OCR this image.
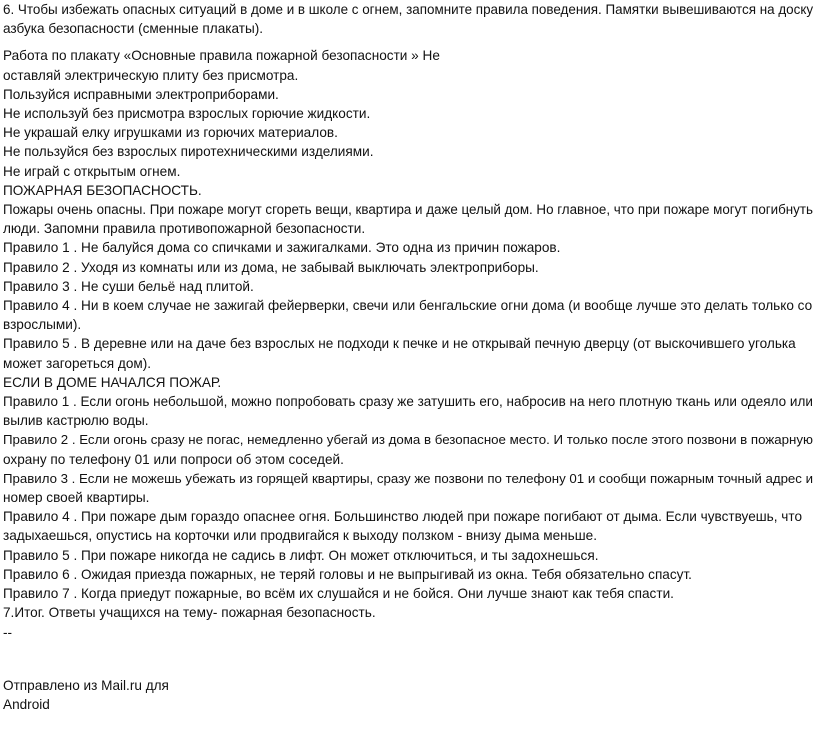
6. Чтобы избежать опасных ситуаций в доме и в школе с огнем, запомните правила поведения. Памятки вывешиваются на доску

азбука безопасности (сменные плакаты).

Работа по плакату «Основные правила пожарной безопасности » Не

оставляй электрическую плиту без присмотра.

Пользуйся исправными электроприборами.

Не используй без присмотра взрослых горючие жидкости.

Не украшай елку игрушками из горючих материалов.

Не пользуйся без взрослых пиротехническими изделиями.

Не играй с открытым огнем.

ПОЖАРНАЯ БЕЗОПАСНОСТЬ.

Пожары очень опасны. При пожаре могут сгореть вещи, квартира и даже целый дом. Но главное, что при пожаре могут погибнуть

люди. Запомни правила противопожарной безопасности.

Правило 1 . Не балуйся дома со спичками и зажигалками. Это одна из причин пожаров.

Правило 2 . Уходя из комнаты или из дома, не забывай выключать электроприборы.

Правило 3 . Не суши бельё над плитой.

Правило 4 . Ни в коем случае не зажигай фейерверки, свечи или бенгальские огни дома (и вообще лучше это делать только со

взрослыми).

Правило 5 . В деревне или на даче без взрослых не подходи к печке и не открывай печную дверцу (от выскочившего уголька

может загореться дом).

ЕСЛИ В ДОМЕ НАЧАЛСЯ ПОЖАР.

Правило 1 . Если огонь небольшой, можно попробовать сразу же затушить его, набросив на него плотную ткань или одеяло или

вылив кастрюлю воды.

Правило 2 . Если огонь сразу не погас, немедленно убегай из дома в безопасное место. И только после этого позвони в пожарную

охрану по телефону 01 или попроси об этом соседей.

Правило 3 . Если не можешь убежать из горящей квартиры, сразу же позвони по телефону 01 и сообщи пожарным точный адрес и

номер своей квартиры.

Правило 4 . При пожаре дым гораздо опаснее огня. Большинство людей при пожаре погибают от дыма. Если чувствуешь, что

задыхаешься, опустись на корточки или продвигайся к выходу ползком - внизу дыма меньше.

Правило 5 . При пожаре никогда не садись в лифт. Он может отключиться, и ты задохнешься.

Правило 6 . Ожидая приезда пожарных, не теряй головы и не выпрыгивай из окна. Тебя обязательно спасут.

Правило 7 . Когда приедут пожарные, во всём их слушайся и не бойся. Они лучше знают как тебя спасти.

7.Итог. Ответы учащихся на тему- пожарная безопасность.

--

Отправлено из Mail.ru для

Android
